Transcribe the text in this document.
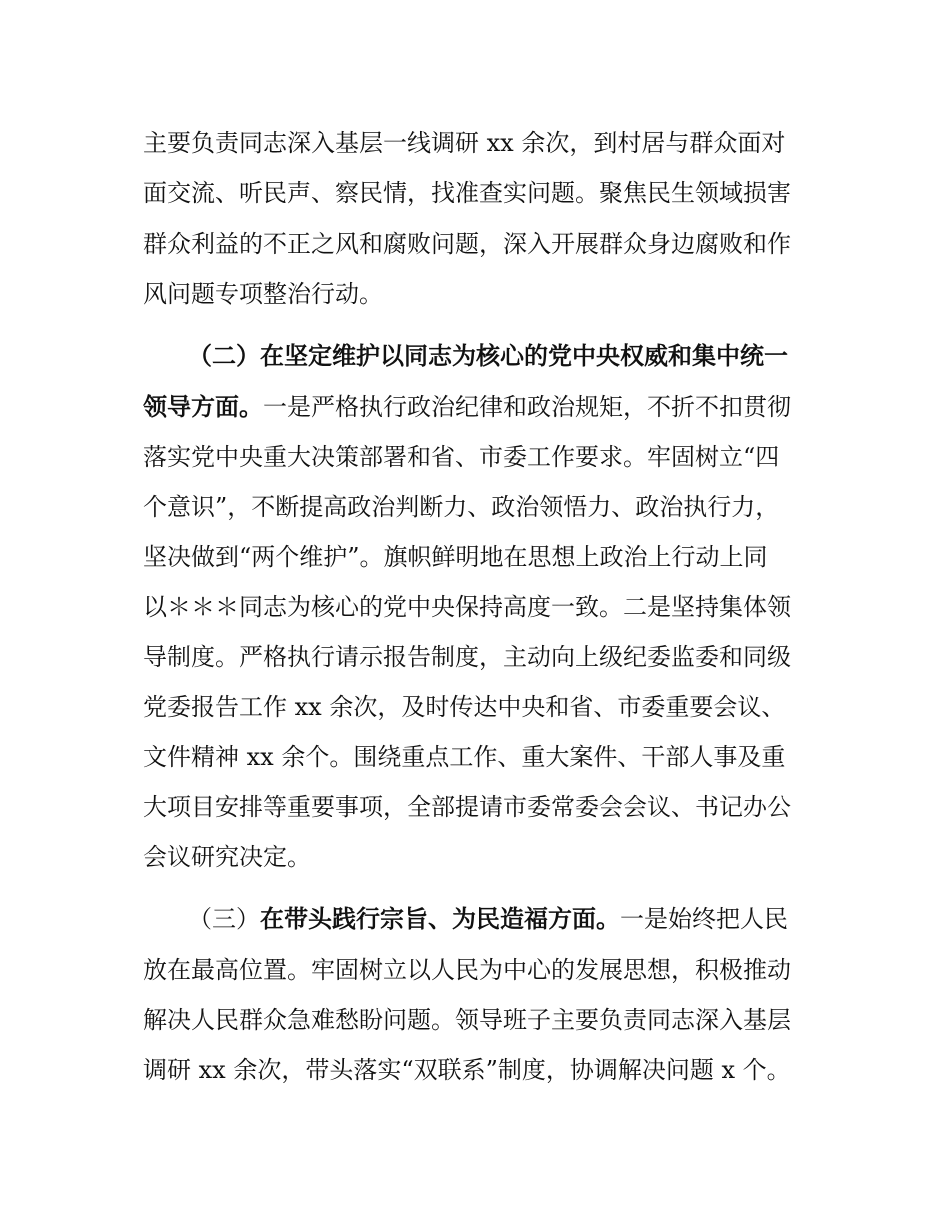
主要负责同志深入基层一线调研 xx 余次，到村居与群众面对
面交流、听民声、察民情，找准查实问题。聚焦民生领域损害
群众利益的不正之风和腐败问题，深入开展群众身边腐败和作
风问题专项整治行动。
（二）在坚定维护以同志为核心的党中央权威和集中统一
领导方面。一是严格执行政治纪律和政治规矩，不折不扣贯彻
落实党中央重大决策部署和省、市委工作要求。牢固树立“四
个意识”，不断提高政治判断力、政治领悟力、政治执行力，
坚决做到“两个维护”。旗帜鲜明地在思想上政治上行动上同
以＊＊＊同志为核心的党中央保持高度一致。二是坚持集体领
导制度。严格执行请示报告制度，主动向上级纪委监委和同级
党委报告工作 xx 余次，及时传达中央和省、市委重要会议、
文件精神 xx 余个。围绕重点工作、重大案件、干部人事及重
大项目安排等重要事项，全部提请市委常委会会议、书记办公
会议研究决定。
（三）在带头践行宗旨、为民造福方面。一是始终把人民
放在最高位置。牢固树立以人民为中心的发展思想，积极推动
解决人民群众急难愁盼问题。领导班子主要负责同志深入基层
调研 xx 余次，带头落实“双联系”制度，协调解决问题 x 个。
